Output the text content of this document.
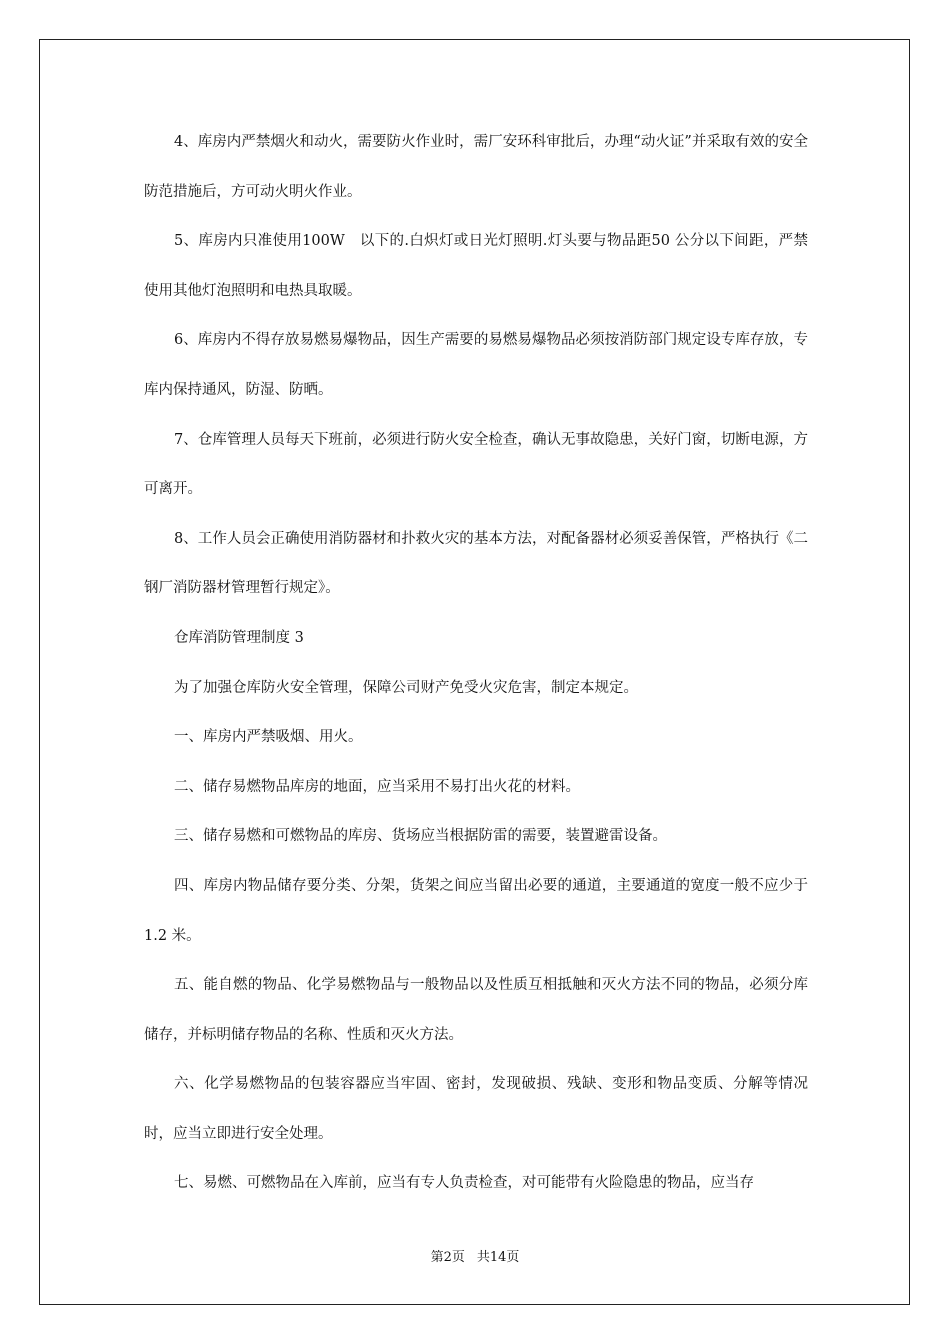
4、库房内严禁烟火和动火，需要防火作业时，需厂安环科审批后，办理“动火证”并采取有效的安全防范措施后，方可动火明火作业。

5、库房内只准使用100W　以下的.白炽灯或日光灯照明.灯头要与物品距50 公分以下间距，严禁使用其他灯泡照明和电热具取暖。

6、库房内不得存放易燃易爆物品，因生产需要的易燃易爆物品必须按消防部门规定设专库存放，专库内保持通风，防湿、防晒。

7、仓库管理人员每天下班前，必须进行防火安全检查，确认无事故隐患，关好门窗，切断电源，方可离开。

8、工作人员会正确使用消防器材和扑救火灾的基本方法，对配备器材必须妥善保管，严格执行《二钢厂消防器材管理暂行规定》。

仓库消防管理制度 3

为了加强仓库防火安全管理，保障公司财产免受火灾危害，制定本规定。

一、库房内严禁吸烟、用火。

二、储存易燃物品库房的地面，应当采用不易打出火花的材料。

三、储存易燃和可燃物品的库房、货场应当根据防雷的需要，装置避雷设备。

四、库房内物品储存要分类、分架，货架之间应当留出必要的通道，主要通道的宽度一般不应少于 1.2 米。

五、能自燃的物品、化学易燃物品与一般物品以及性质互相抵触和灭火方法不同的物品，必须分库储存，并标明储存物品的名称、性质和灭火方法。

六、化学易燃物品的包装容器应当牢固、密封，发现破损、残缺、变形和物品变质、分解等情况时，应当立即进行安全处理。

七、易燃、可燃物品在入库前，应当有专人负责检查，对可能带有火险隐患的物品，应当存

第2页 共14页
